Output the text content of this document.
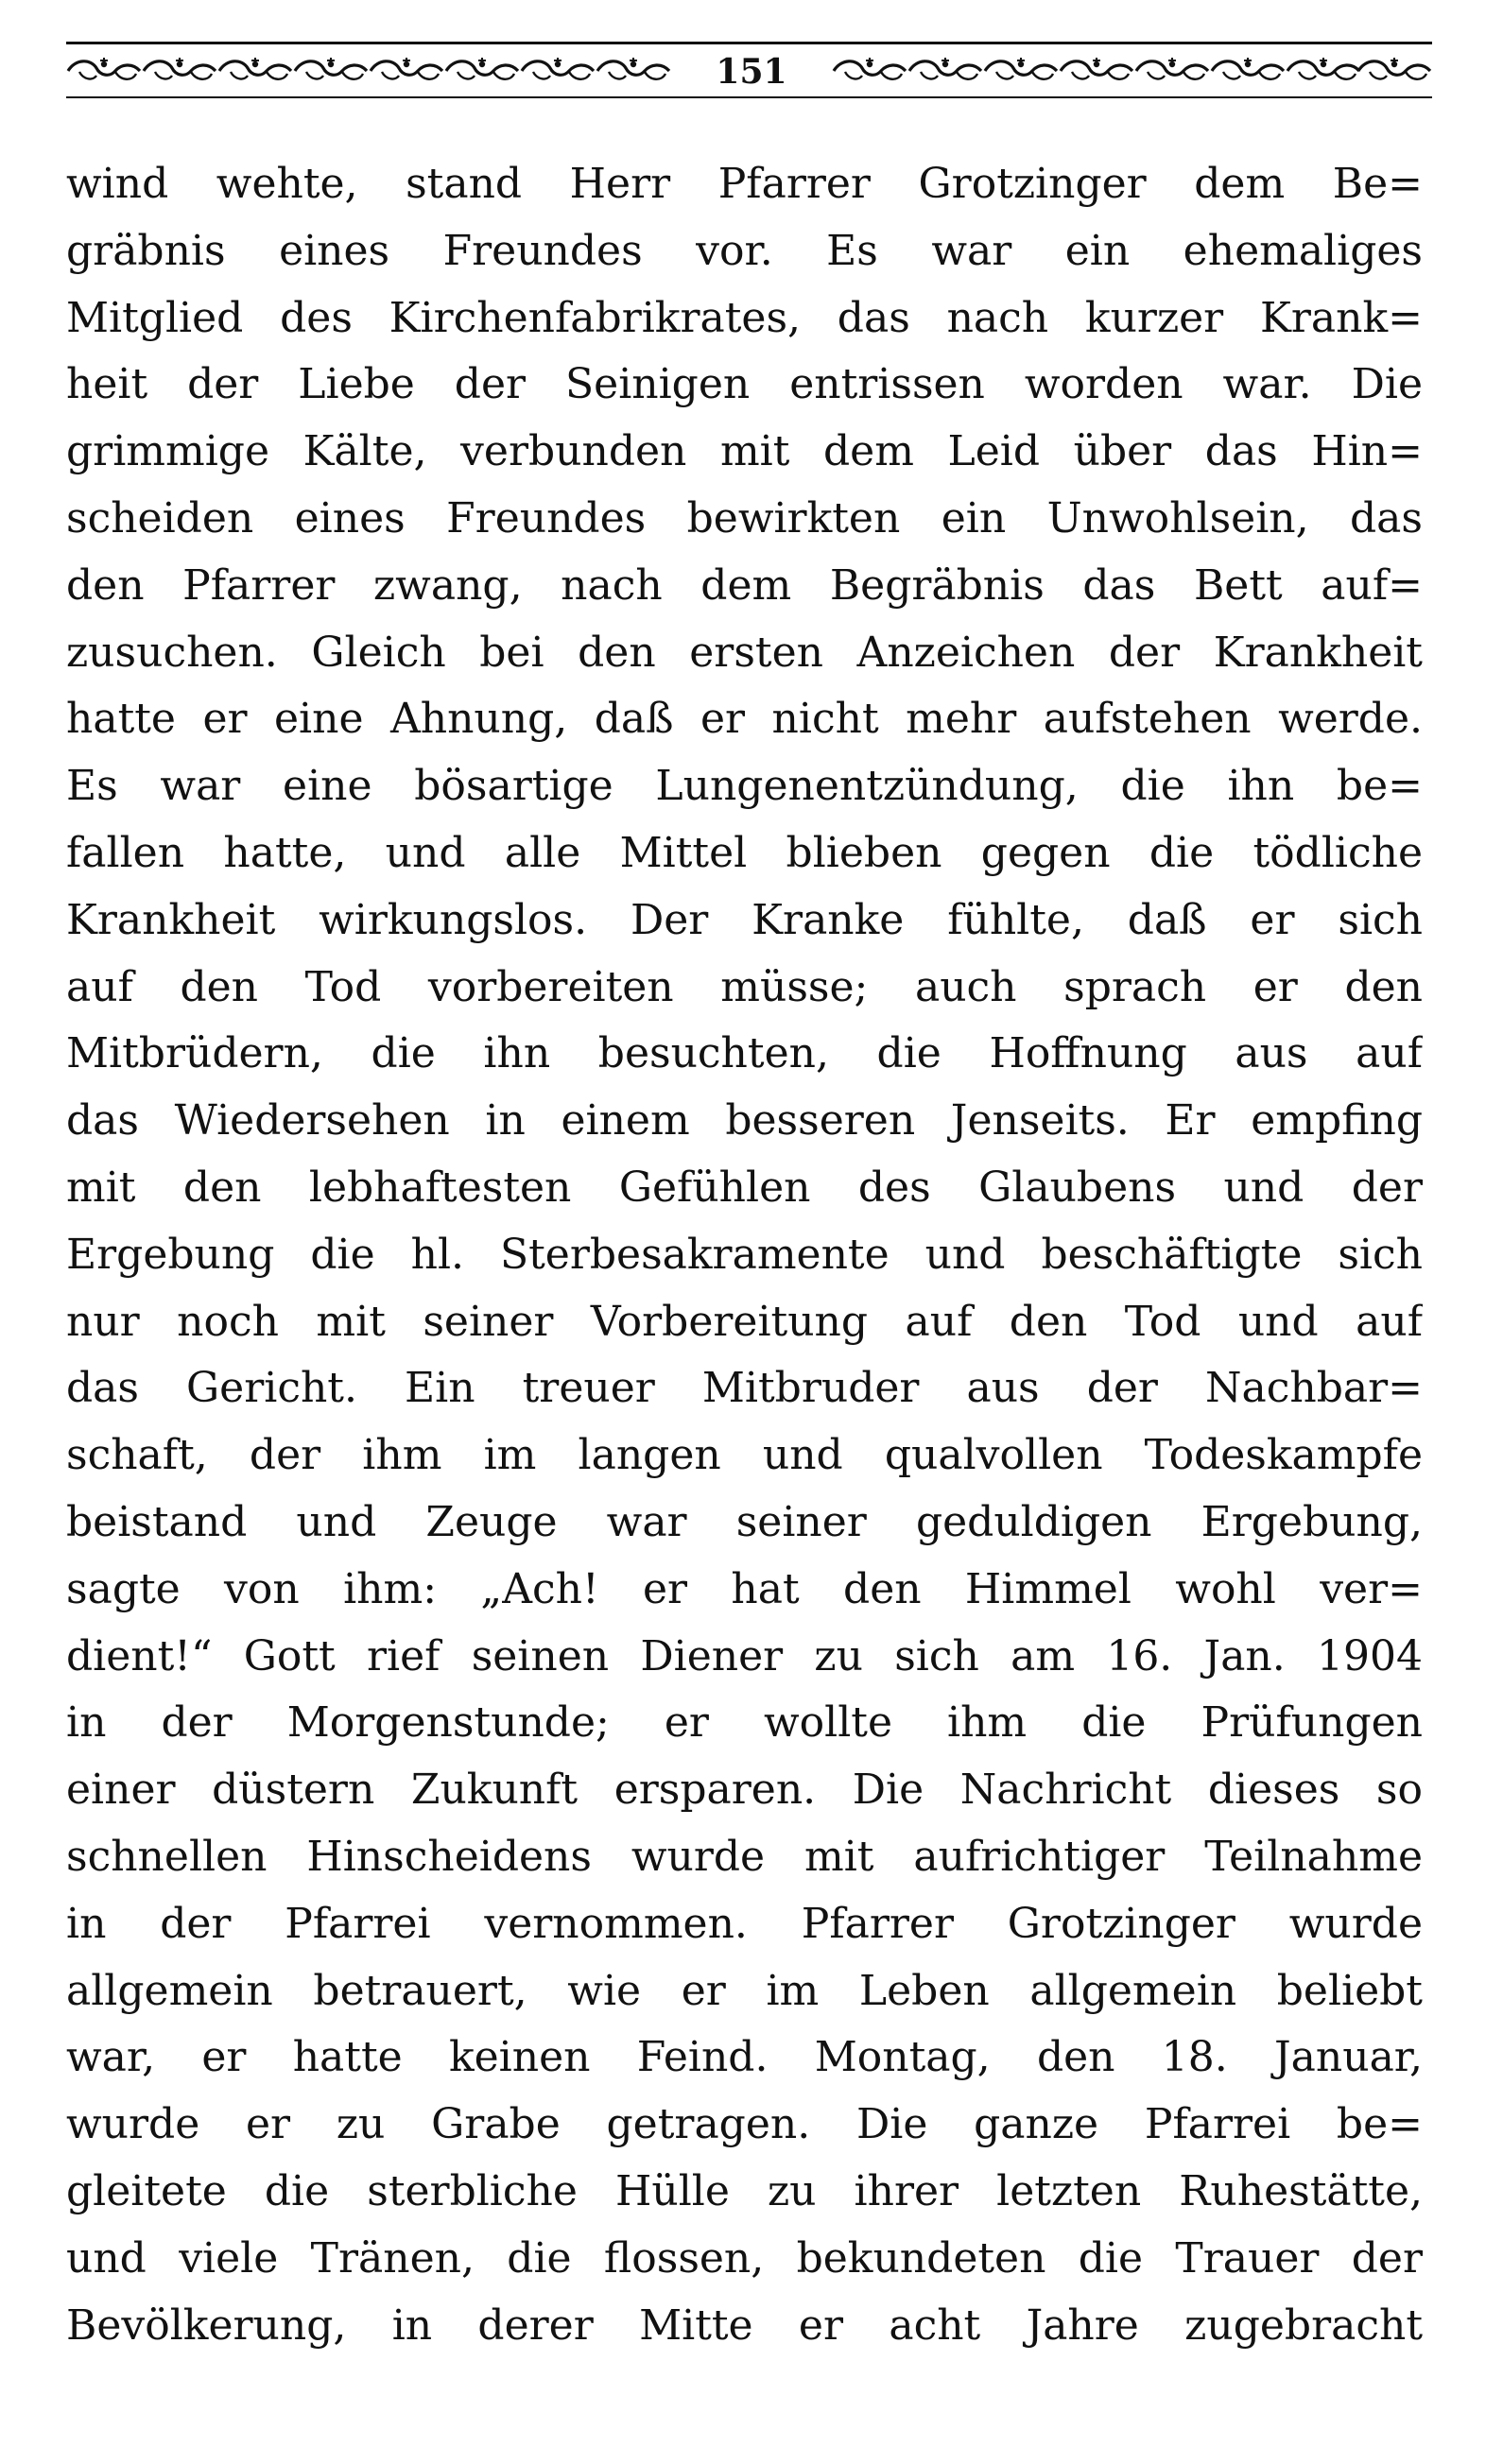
151
wind wehte, stand Herr Pfarrer Grotzinger dem Be=
gräbnis eines Freundes vor. Es war ein ehemaliges
Mitglied des Kirchenfabrikrates, das nach kurzer Krank=
heit der Liebe der Seinigen entrissen worden war. Die
grimmige Kälte, verbunden mit dem Leid über das Hin=
scheiden eines Freundes bewirkten ein Unwohlsein, das
den Pfarrer zwang, nach dem Begräbnis das Bett auf=
zusuchen. Gleich bei den ersten Anzeichen der Krankheit
hatte er eine Ahnung, daß er nicht mehr aufstehen werde.
Es war eine bösartige Lungenentzündung, die ihn be=
fallen hatte, und alle Mittel blieben gegen die tödliche
Krankheit wirkungslos. Der Kranke fühlte, daß er sich
auf den Tod vorbereiten müsse; auch sprach er den
Mitbrüdern, die ihn besuchten, die Hoffnung aus auf
das Wiedersehen in einem besseren Jenseits. Er empfing
mit den lebhaftesten Gefühlen des Glaubens und der
Ergebung die hl. Sterbesakramente und beschäftigte sich
nur noch mit seiner Vorbereitung auf den Tod und auf
das Gericht. Ein treuer Mitbruder aus der Nachbar=
schaft, der ihm im langen und qualvollen Todeskampfe
beistand und Zeuge war seiner geduldigen Ergebung,
sagte von ihm: „Ach! er hat den Himmel wohl ver=
dient!“ Gott rief seinen Diener zu sich am 16. Jan. 1904
in der Morgenstunde; er wollte ihm die Prüfungen
einer düstern Zukunft ersparen. Die Nachricht dieses so
schnellen Hinscheidens wurde mit aufrichtiger Teilnahme
in der Pfarrei vernommen. Pfarrer Grotzinger wurde
allgemein betrauert, wie er im Leben allgemein beliebt
war, er hatte keinen Feind. Montag, den 18. Januar,
wurde er zu Grabe getragen. Die ganze Pfarrei be=
gleitete die sterbliche Hülle zu ihrer letzten Ruhestätte,
und viele Tränen, die flossen, bekundeten die Trauer der
Bevölkerung, in derer Mitte er acht Jahre zugebracht
